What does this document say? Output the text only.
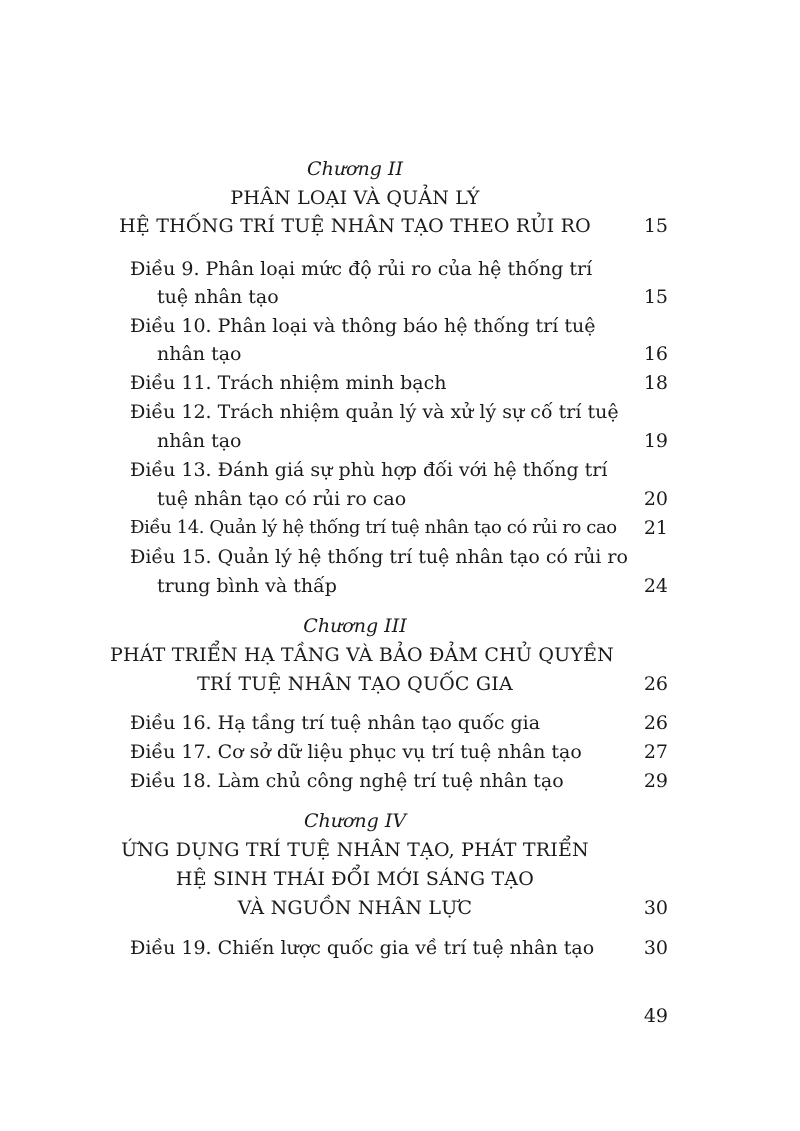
Chương II
PHÂN LOẠI VÀ QUẢN LÝ
HỆ THỐNG TRÍ TUỆ NHÂN TẠO THEO RỦI RO	15
Điều 9. Phân loại mức độ rủi ro của hệ thống trí
tuệ nhân tạo	15
Điều 10. Phân loại và thông báo hệ thống trí tuệ
nhân tạo	16
Điều 11. Trách nhiệm minh bạch	18
Điều 12. Trách nhiệm quản lý và xử lý sự cố trí tuệ
nhân tạo	19
Điều 13. Đánh giá sự phù hợp đối với hệ thống trí
tuệ nhân tạo có rủi ro cao	20
Điều 14. Quản lý hệ thống trí tuệ nhân tạo có rủi ro cao	21
Điều 15. Quản lý hệ thống trí tuệ nhân tạo có rủi ro
trung bình và thấp	24
Chương III
PHÁT TRIỂN HẠ TẦNG VÀ BẢO ĐẢM CHỦ QUYỀN
TRÍ TUỆ NHÂN TẠO QUỐC GIA	26
Điều 16. Hạ tầng trí tuệ nhân tạo quốc gia	26
Điều 17. Cơ sở dữ liệu phục vụ trí tuệ nhân tạo	27
Điều 18. Làm chủ công nghệ trí tuệ nhân tạo	29
Chương IV
ỨNG DỤNG TRÍ TUỆ NHÂN TẠO, PHÁT TRIỂN
HỆ SINH THÁI ĐỔI MỚI SÁNG TẠO
VÀ NGUỒN NHÂN LỰC	30
Điều 19. Chiến lược quốc gia về trí tuệ nhân tạo	30
49
